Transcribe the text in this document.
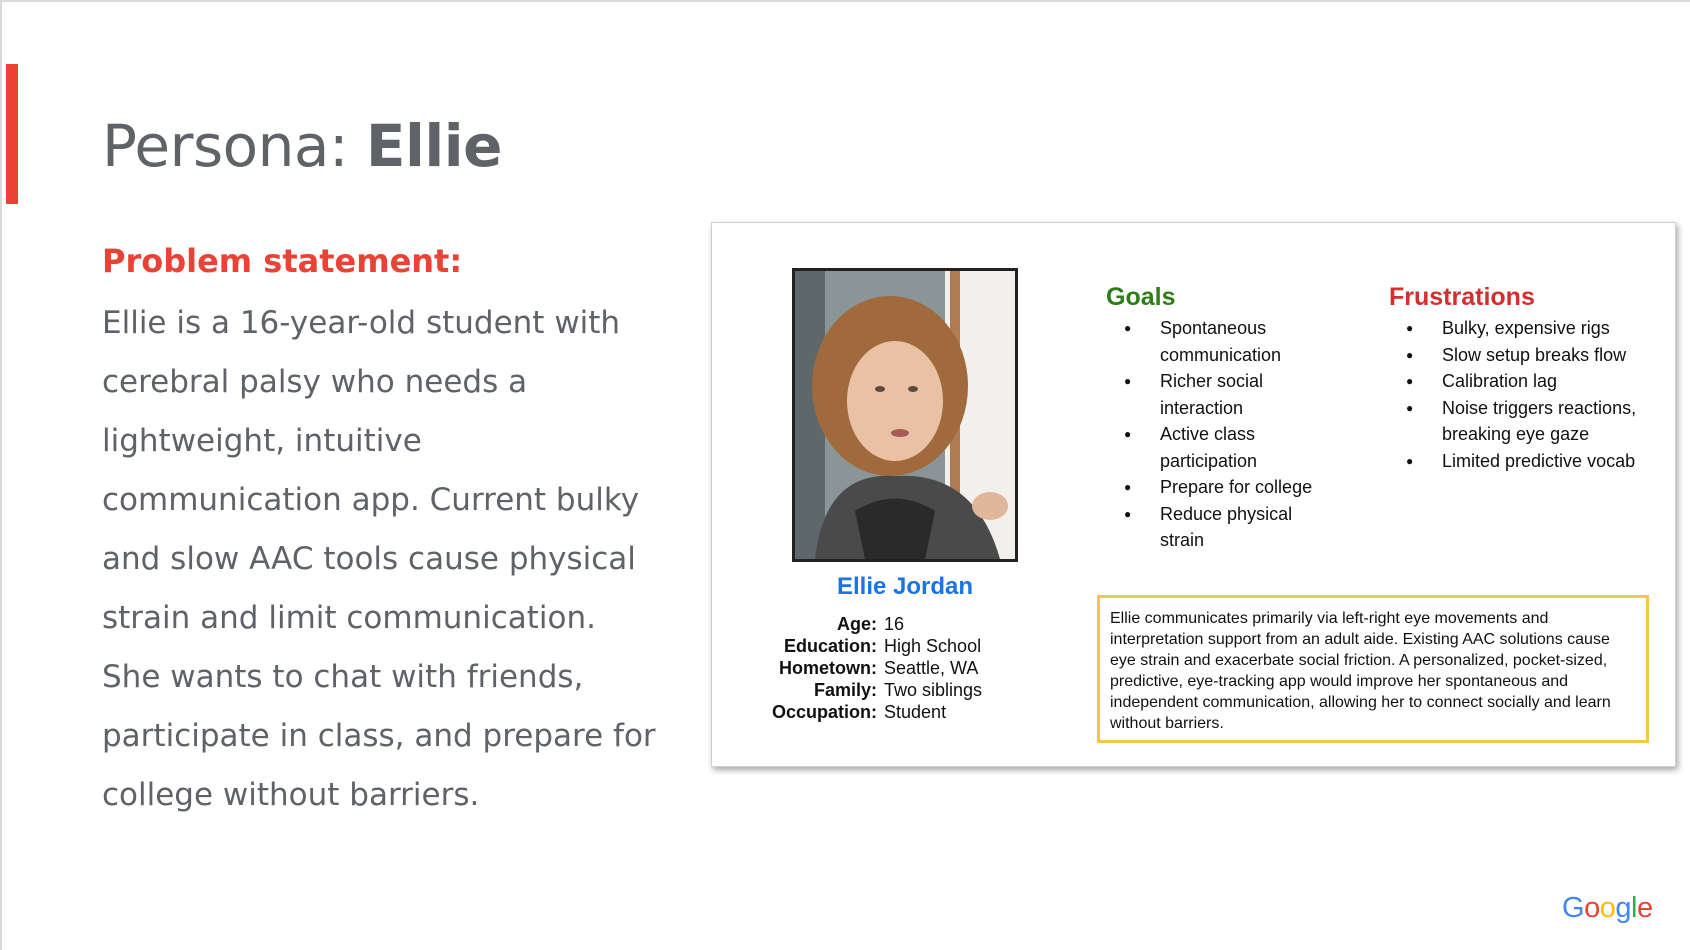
Persona: Ellie
Problem statement:

Ellie is a 16-year-old student with cerebral palsy who needs a lightweight, intuitive communication app. Current bulky and slow AAC tools cause physical strain and limit communication. She wants to chat with friends, participate in class, and prepare for college without barriers.

Ellie Jordan
Age:	16
Education:	High School
Hometown:	Seattle, WA
Family:	Two siblings
Occupation:	Student
Goals
● Spontaneous communication
● Richer social interaction
● Active class participation
● Prepare for college
● Reduce physical strain
Frustrations
● Bulky, expensive rigs
● Slow setup breaks flow
● Calibration lag
● Noise triggers reactions, breaking eye gaze
● Limited predictive vocab
Ellie communicates primarily via left-right eye movements and interpretation support from an adult aide. Existing AAC solutions cause eye strain and exacerbate social friction. A personalized, pocket-sized, predictive, eye-tracking app would improve her spontaneous and independent communication, allowing her to connect socially and learn without barriers.
Google
